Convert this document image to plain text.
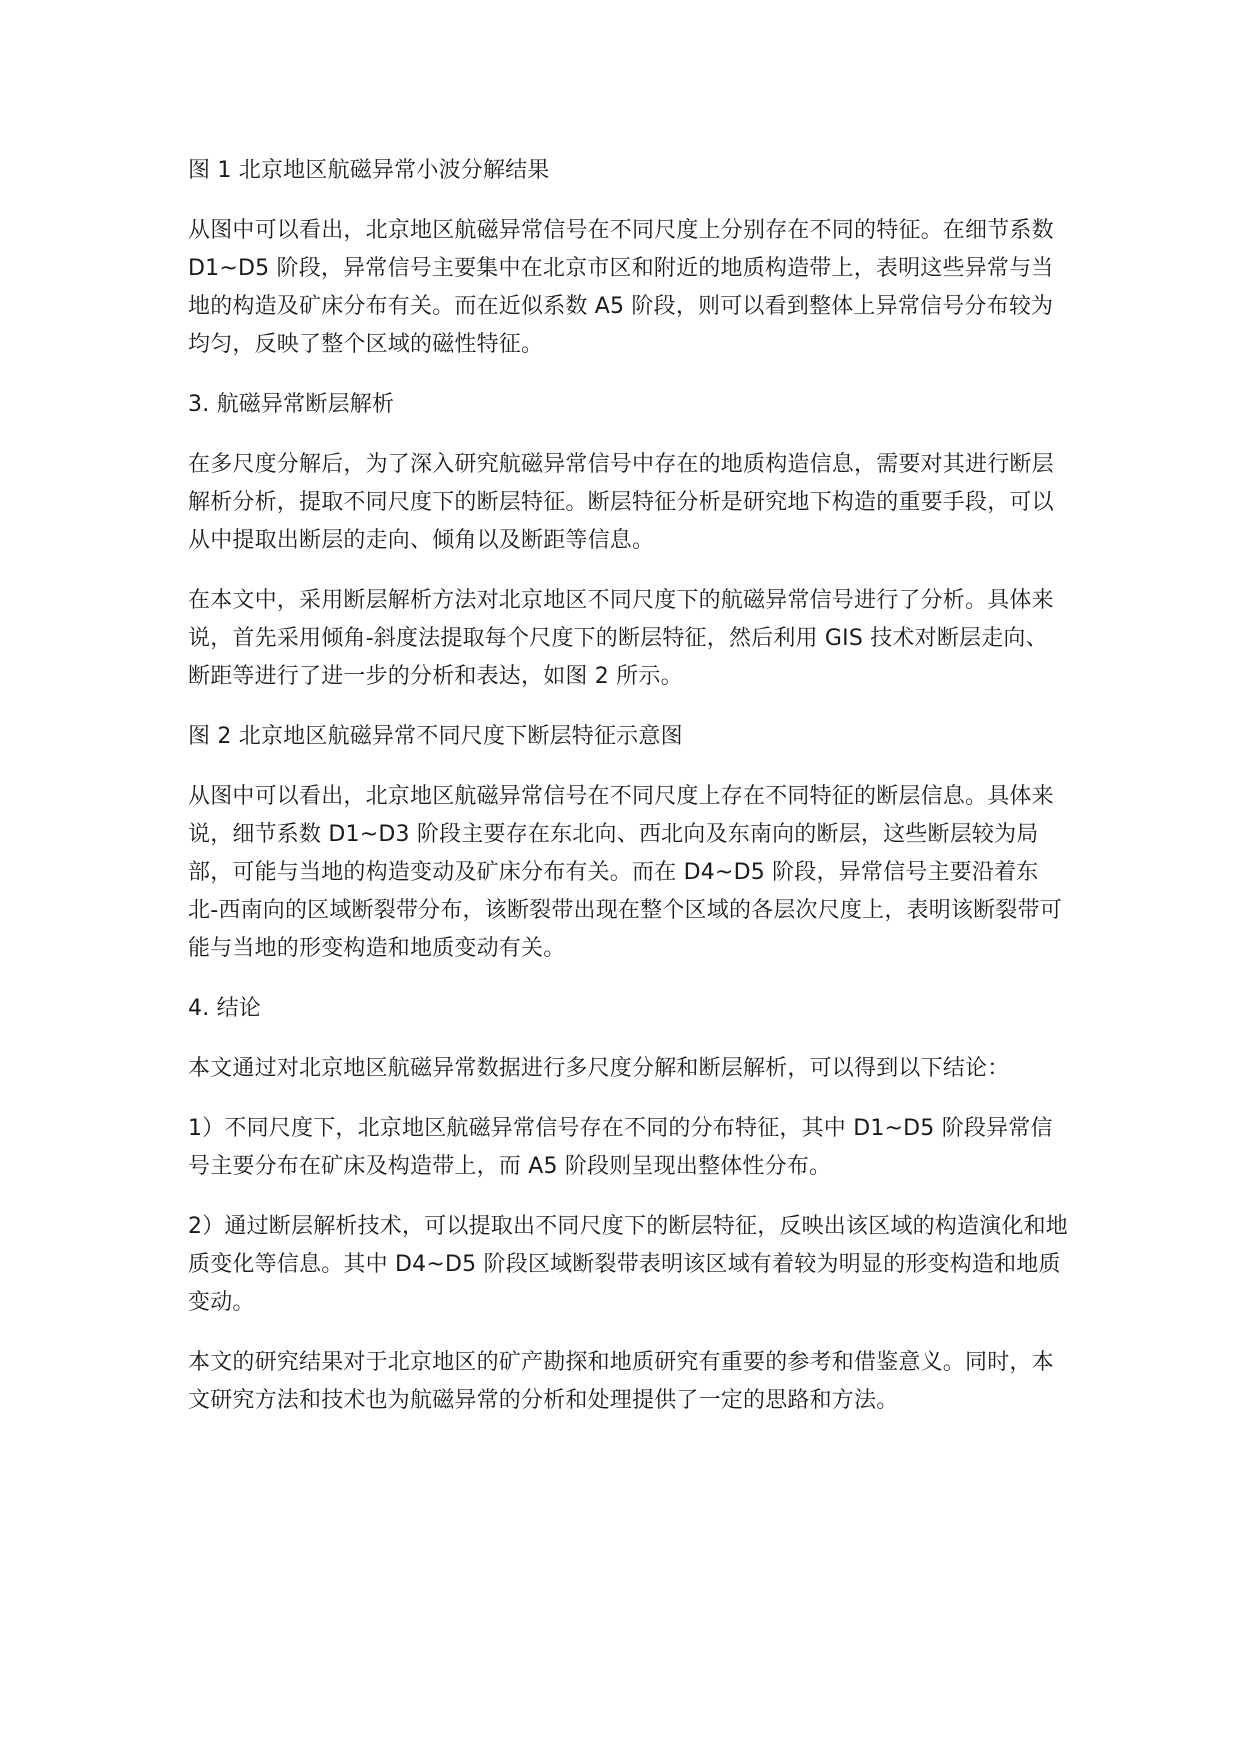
图 1 北京地区航磁异常小波分解结果

从图中可以看出，北京地区航磁异常信号在不同尺度上分别存在不同的特征。在细节系数 D1~D5 阶段，异常信号主要集中在北京市区和附近的地质构造带上，表明这些异常与当地的构造及矿床分布有关。而在近似系数 A5 阶段，则可以看到整体上异常信号分布较为均匀，反映了整个区域的磁性特征。

3. 航磁异常断层解析

在多尺度分解后，为了深入研究航磁异常信号中存在的地质构造信息，需要对其进行断层解析分析，提取不同尺度下的断层特征。断层特征分析是研究地下构造的重要手段，可以从中提取出断层的走向、倾角以及断距等信息。

在本文中，采用断层解析方法对北京地区不同尺度下的航磁异常信号进行了分析。具体来说，首先采用倾角-斜度法提取每个尺度下的断层特征，然后利用 GIS 技术对断层走向、断距等进行了进一步的分析和表达，如图 2 所示。

图 2 北京地区航磁异常不同尺度下断层特征示意图

从图中可以看出，北京地区航磁异常信号在不同尺度上存在不同特征的断层信息。具体来说，细节系数 D1~D3 阶段主要存在东北向、西北向及东南向的断层，这些断层较为局部，可能与当地的构造变动及矿床分布有关。而在 D4~D5 阶段，异常信号主要沿着东北-西南向的区域断裂带分布，该断裂带出现在整个区域的各层次尺度上，表明该断裂带可能与当地的形变构造和地质变动有关。

4. 结论

本文通过对北京地区航磁异常数据进行多尺度分解和断层解析，可以得到以下结论：

1）不同尺度下，北京地区航磁异常信号存在不同的分布特征，其中 D1~D5 阶段异常信号主要分布在矿床及构造带上，而 A5 阶段则呈现出整体性分布。

2）通过断层解析技术，可以提取出不同尺度下的断层特征，反映出该区域的构造演化和地质变化等信息。其中 D4~D5 阶段区域断裂带表明该区域有着较为明显的形变构造和地质变动。

本文的研究结果对于北京地区的矿产勘探和地质研究有重要的参考和借鉴意义。同时，本文研究方法和技术也为航磁异常的分析和处理提供了一定的思路和方法。
